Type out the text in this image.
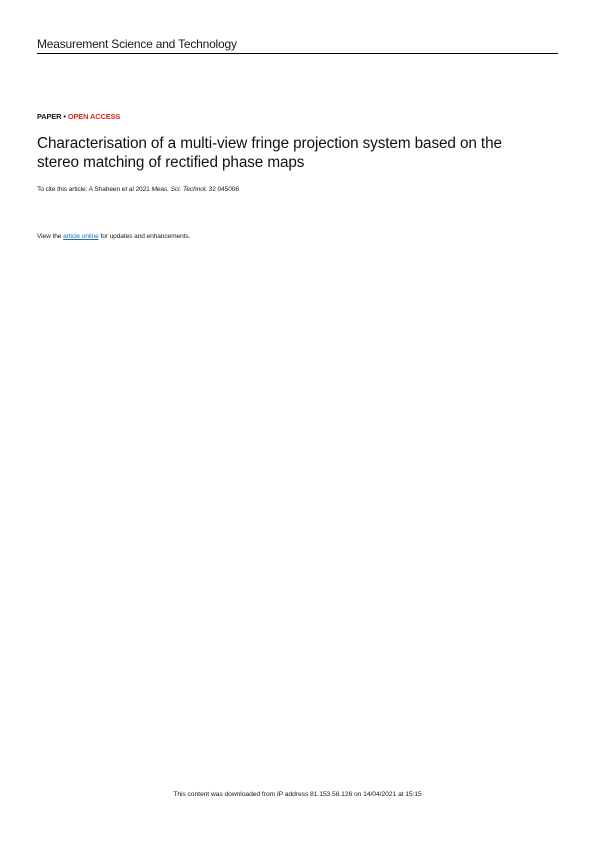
Measurement Science and Technology
PAPER • OPEN ACCESS
Characterisation of a multi-view fringe projection system based on the
stereo matching of rectified phase maps
To cite this article: A Shaheen et al 2021 Meas. Sci. Technol. 32 045006
View the article online for updates and enhancements.
This content was downloaded from IP address 81.153.58.126 on 14/04/2021 at 15:15
